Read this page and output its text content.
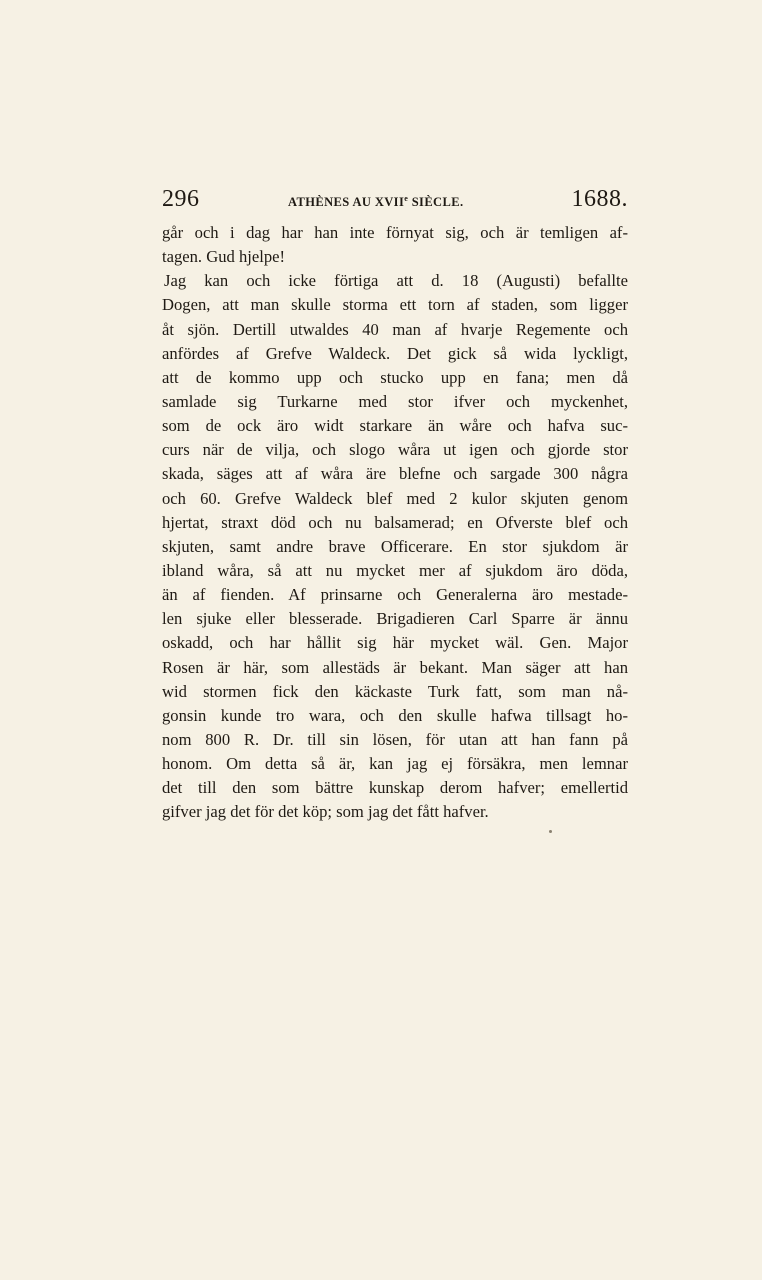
296	ATHÈNES AU XVIIe SIÈCLE.	1688.
går och i dag har han inte förnyat sig, och är temligen af-
tagen. Gud hjelpe!
Jag kan och icke förtiga att d. 18 (Augusti) befallte
Dogen, att man skulle storma ett torn af staden, som ligger
åt sjön. Dertill utwaldes 40 man af hvarje Regemente och
anfördes af Grefve Waldeck. Det gick så wida lyckligt,
att de kommo upp och stucko upp en fana; men då
samlade sig Turkarne med stor ifver och myckenhet,
som de ock äro widt starkare än wåre och hafva suc-
curs när de vilja, och slogo wåra ut igen och gjorde stor
skada, säges att af wåra äre blefne och sargade 300 några
och 60. Grefve Waldeck blef med 2 kulor skjuten genom
hjertat, straxt död och nu balsamerad; en Ofverste blef och
skjuten, samt andre brave Officerare. En stor sjukdom är
ibland wåra, så att nu mycket mer af sjukdom äro döda,
än af fienden. Af prinsarne och Generalerna äro mestade-
len sjuke eller blesserade. Brigadieren Carl Sparre är ännu
oskadd, och har hållit sig här mycket wäl. Gen. Major
Rosen är här, som allestäds är bekant. Man säger att han
wid stormen fick den käckaste Turk fatt, som man nå-
gonsin kunde tro wara, och den skulle hafwa tillsagt ho-
nom 800 R. Dr. till sin lösen, för utan att han fann på
honom. Om detta så är, kan jag ej försäkra, men lemnar
det till den som bättre kunskap derom hafver; emellertid
gifver jag det för det köp; som jag det fått hafver.
